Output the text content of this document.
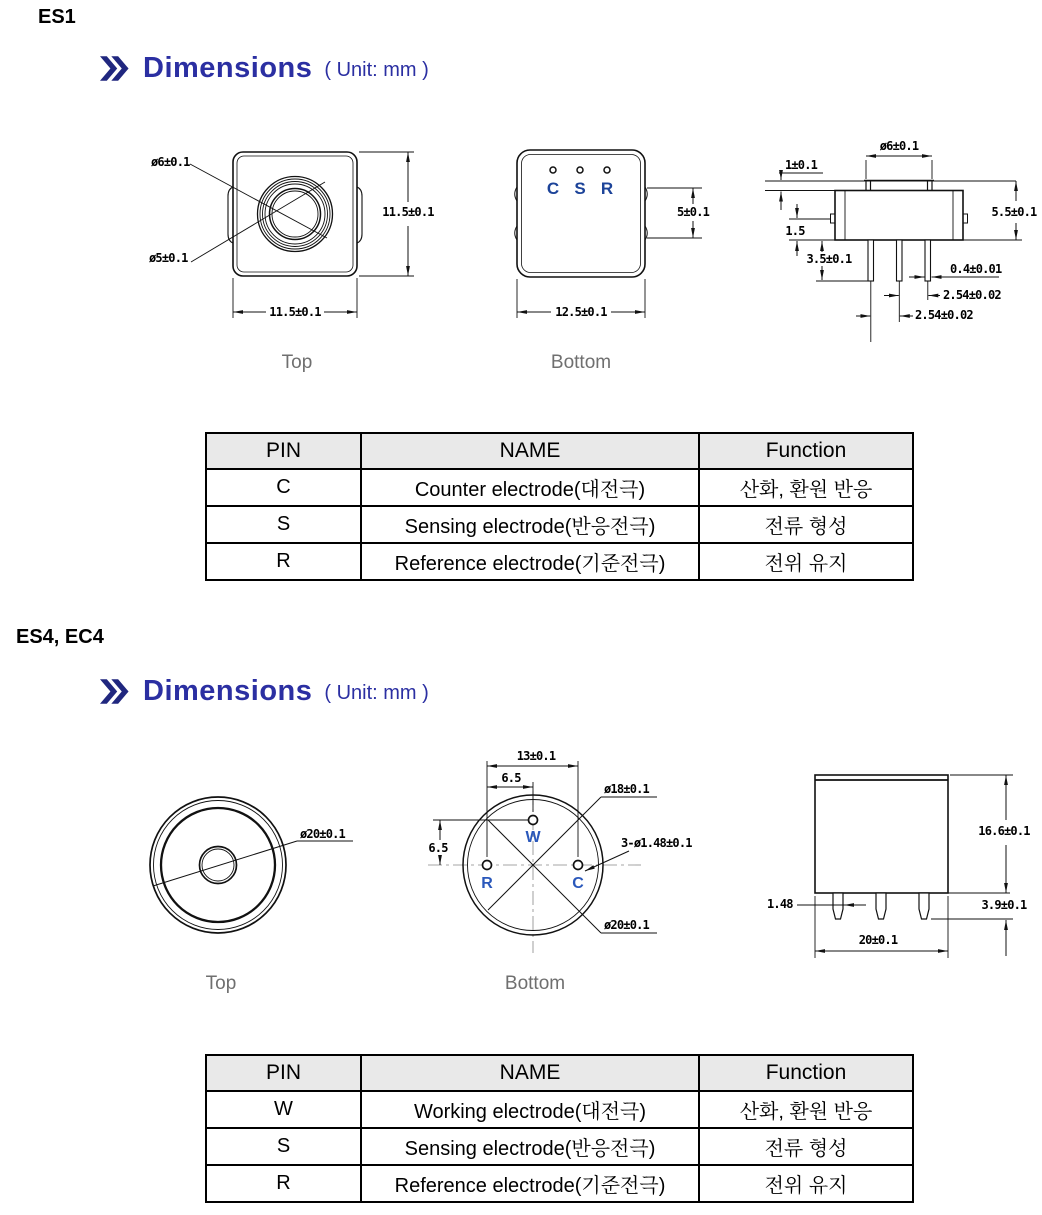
ES1
Dimensions ( Unit: mm )
ø6±0.1
ø5±0.1
11.5±0.1
11.5±0.1
Top
C S R
5±0.1
12.5±0.1
Bottom
ø6±0.1
1±0.1
5.5±0.1
1.5
3.5±0.1
0.4±0.01
2.54±0.02
2.54±0.02
PIN	NAME	Function
C	Counter electrode(대전극)	산화, 환원 반응
S	Sensing electrode(반응전극)	전류 형성
R	Reference electrode(기준전극)	전위 유지
ES4, EC4
Dimensions ( Unit: mm )
ø20±0.1
Top
W
R	C
13±0.1
6.5
6.5
ø18±0.1
3-ø1.48±0.1
ø20±0.1
Bottom
16.6±0.1
3.9±0.1
1.48
20±0.1
PIN	NAME	Function
W	Working electrode(대전극)	산화, 환원 반응
S	Sensing electrode(반응전극)	전류 형성
R	Reference electrode(기준전극)	전위 유지
